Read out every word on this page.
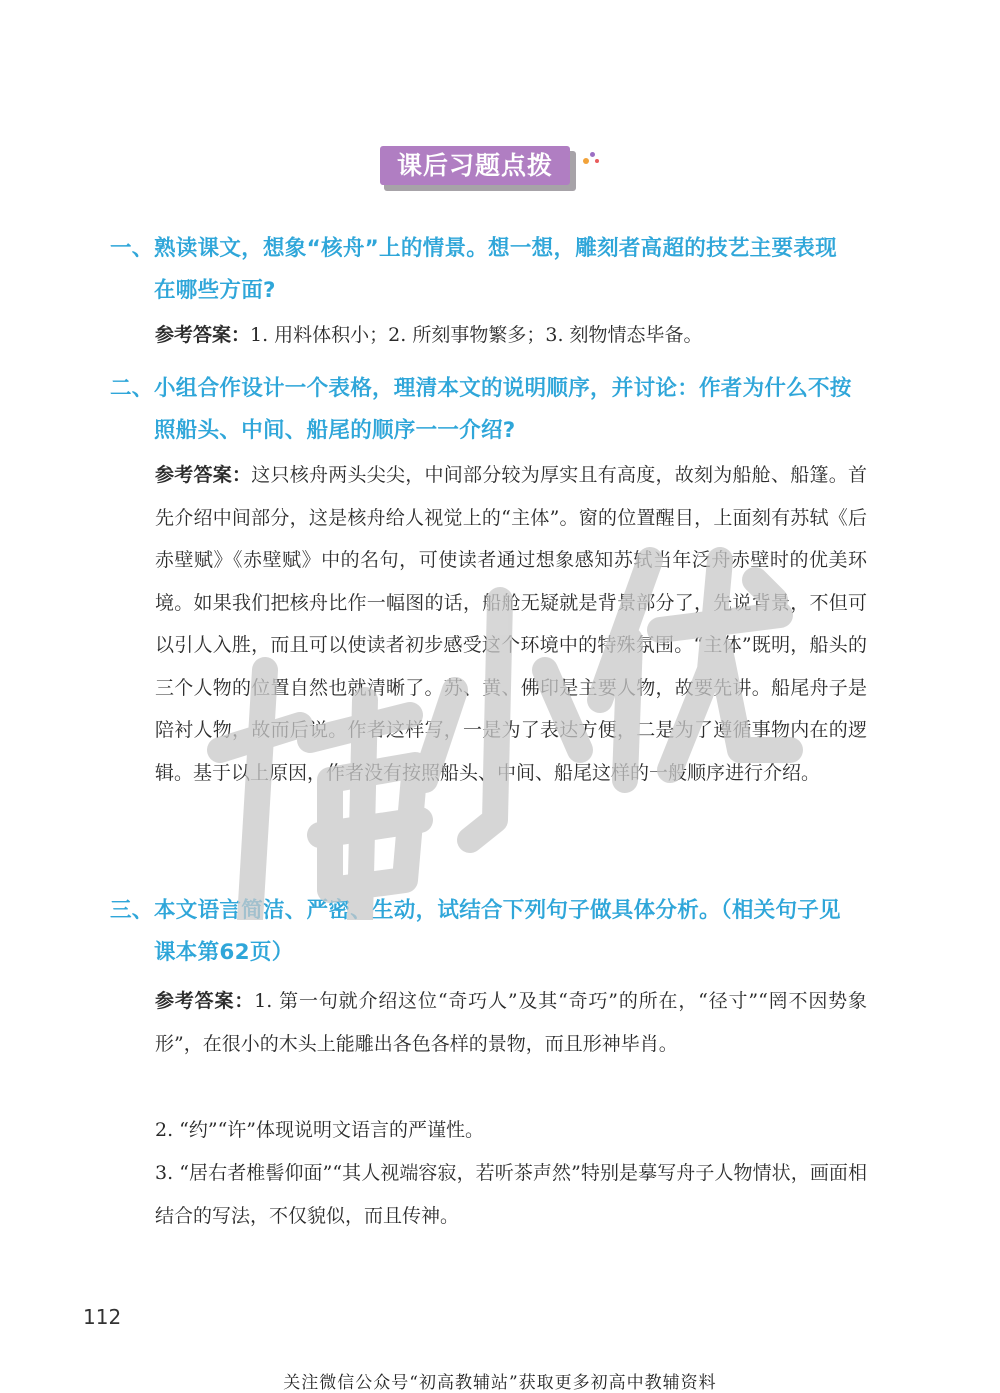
课后习题点拨
一、熟读课文，想象“核舟”上的情景。想一想，雕刻者高超的技艺主要表现
在哪些方面?
参考答案：1. 用料体积小；2. 所刻事物繁多；3. 刻物情态毕备。
二、小组合作设计一个表格，理清本文的说明顺序，并讨论：作者为什么不按
照船头、中间、船尾的顺序一一介绍?
参考答案：这只核舟两头尖尖，中间部分较为厚实且有高度，故刻为船舱、船篷。首先介绍中间部分，这是核舟给人视觉上的“主体”。窗的位置醒目，上面刻有苏轼《后赤壁赋》《赤壁赋》中的名句，可使读者通过想象感知苏轼当年泛舟赤壁时的优美环境。如果我们把核舟比作一幅图的话，船舱无疑就是背景部分了，先说背景，不但可以引人入胜，而且可以使读者初步感受这个环境中的特殊氛围。“主体”既明，船头的三个人物的位置自然也就清晰了。苏、黄、佛印是主要人物，故要先讲。船尾舟子是陪衬人物，故而后说。作者这样写，一是为了表达方便，二是为了遵循事物内在的逻辑。基于以上原因，作者没有按照船头、中间、船尾这样的一般顺序进行介绍。
三、本文语言简洁、严密、生动，试结合下列句子做具体分析。（相关句子见
课本第62页）
参考答案：1. 第一句就介绍这位“奇巧人”及其“奇巧”的所在，“径寸”“罔不因势象形”，在很小的木头上能雕出各色各样的景物，而且形神毕肖。
2. “约”“许”体现说明文语言的严谨性。
3. “居右者椎髻仰面”“其人视端容寂，若听茶声然”特别是摹写舟子人物情状，画面相结合的写法，不仅貌似，而且传神。
112
关注微信公众号“初高教辅站”获取更多初高中教辅资料
